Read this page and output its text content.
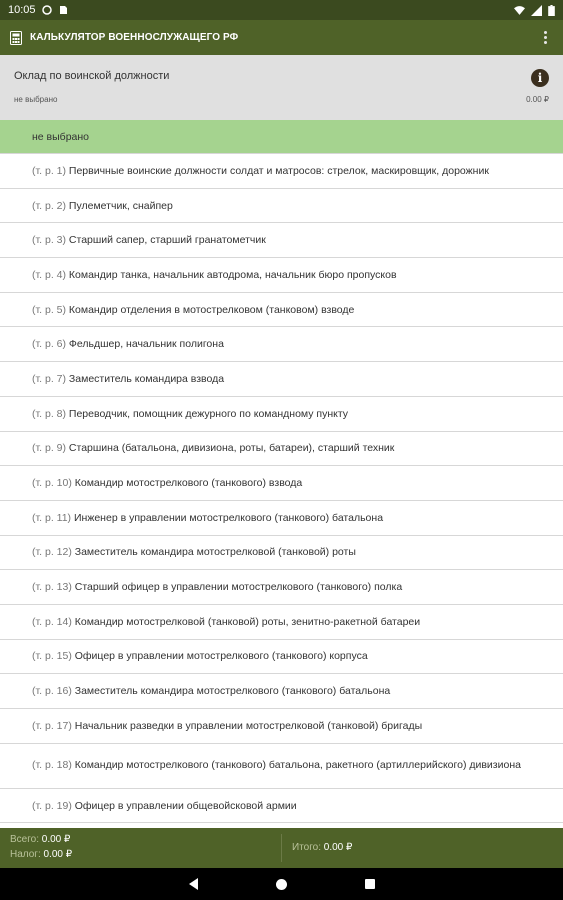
10:05
КАЛЬКУЛЯТОР ВОЕННОСЛУЖАЩЕГО РФ
Оклад по воинской должности
не выбрано	0.00 ₽
i
не выбрано
(т. р. 1) Первичные воинские должности солдат и матросов: стрелок, маскировщик, дорожник
(т. р. 2) Пулеметчик, снайпер
(т. р. 3) Старший сапер, старший гранатометчик
(т. р. 4) Командир танка, начальник автодрома, начальник бюро пропусков
(т. р. 5) Командир отделения в мотострелковом (танковом) взводе
(т. р. 6) Фельдшер, начальник полигона
(т. р. 7) Заместитель командира взвода
(т. р. 8) Переводчик, помощник дежурного по командному пункту
(т. р. 9) Старшина (батальона, дивизиона, роты, батареи), старший техник
(т. р. 10) Командир мотострелкового (танкового) взвода
(т. р. 11) Инженер в управлении мотострелкового (танкового) батальона
(т. р. 12) Заместитель командира мотострелковой (танковой) роты
(т. р. 13) Старший офицер в управлении мотострелкового (танкового) полка
(т. р. 14) Командир мотострелковой (танковой) роты, зенитно-ракетной батареи
(т. р. 15) Офицер в управлении мотострелкового (танкового) корпуса
(т. р. 16) Заместитель командира мотострелкового (танкового) батальона
(т. р. 17) Начальник разведки в управлении мотострелковой (танковой) бригады
(т. р. 18) Командир мотострелкового (танкового) батальона, ракетного (артиллерийского) дивизиона
(т. р. 19) Офицер в управлении общевойсковой армии
Всего: 0.00 ₽
Налог: 0.00 ₽
Итого: 0.00 ₽
